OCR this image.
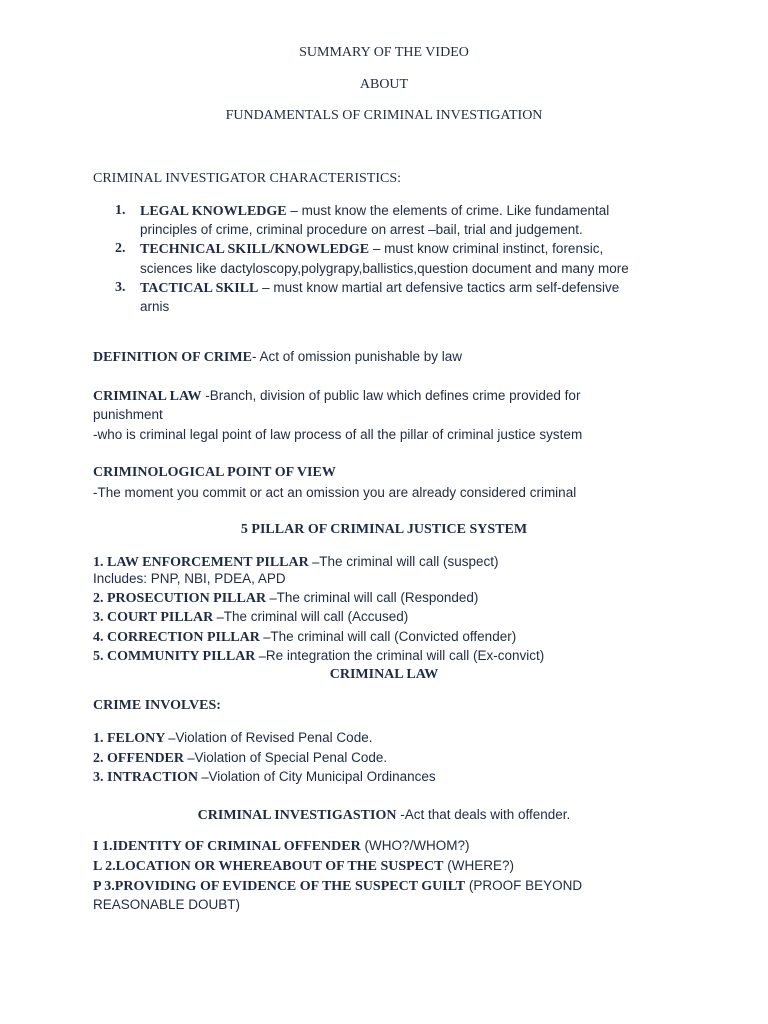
SUMMARY OF THE VIDEO
ABOUT
FUNDAMENTALS OF CRIMINAL INVESTIGATION
CRIMINAL INVESTIGATOR CHARACTERISTICS:
1. LEGAL KNOWLEDGE – must know the elements of crime. Like fundamental
principles of crime, criminal procedure on arrest –bail, trial and judgement.
2. TECHNICAL SKILL/KNOWLEDGE – must know criminal instinct, forensic,
sciences like dactyloscopy,polygrapy,ballistics,question document and many more
3. TACTICAL SKILL – must know martial art defensive tactics arm self-defensive
arnis
DEFINITION OF CRIME- Act of omission punishable by law
CRIMINAL LAW -Branch, division of public law which defines crime provided for
punishment
-who is criminal legal point of law process of all the pillar of criminal justice system
CRIMINOLOGICAL POINT OF VIEW
-The moment you commit or act an omission you are already considered criminal
5 PILLAR OF CRIMINAL JUSTICE SYSTEM
1. LAW ENFORCEMENT PILLAR –The criminal will call (suspect)
Includes: PNP, NBI, PDEA, APD
2. PROSECUTION PILLAR –The criminal will call (Responded)
3. COURT PILLAR –The criminal will call (Accused)
4. CORRECTION PILLAR –The criminal will call (Convicted offender)
5. COMMUNITY PILLAR –Re integration the criminal will call (Ex-convict)
CRIMINAL LAW
CRIME INVOLVES:
1. FELONY –Violation of Revised Penal Code.
2. OFFENDER –Violation of Special Penal Code.
3. INTRACTION –Violation of City Municipal Ordinances
CRIMINAL INVESTIGASTION -Act that deals with offender.
I 1.IDENTITY OF CRIMINAL OFFENDER (WHO?/WHOM?)
L 2.LOCATION OR WHEREABOUT OF THE SUSPECT (WHERE?)
P 3.PROVIDING OF EVIDENCE OF THE SUSPECT GUILT (PROOF BEYOND
REASONABLE DOUBT)
